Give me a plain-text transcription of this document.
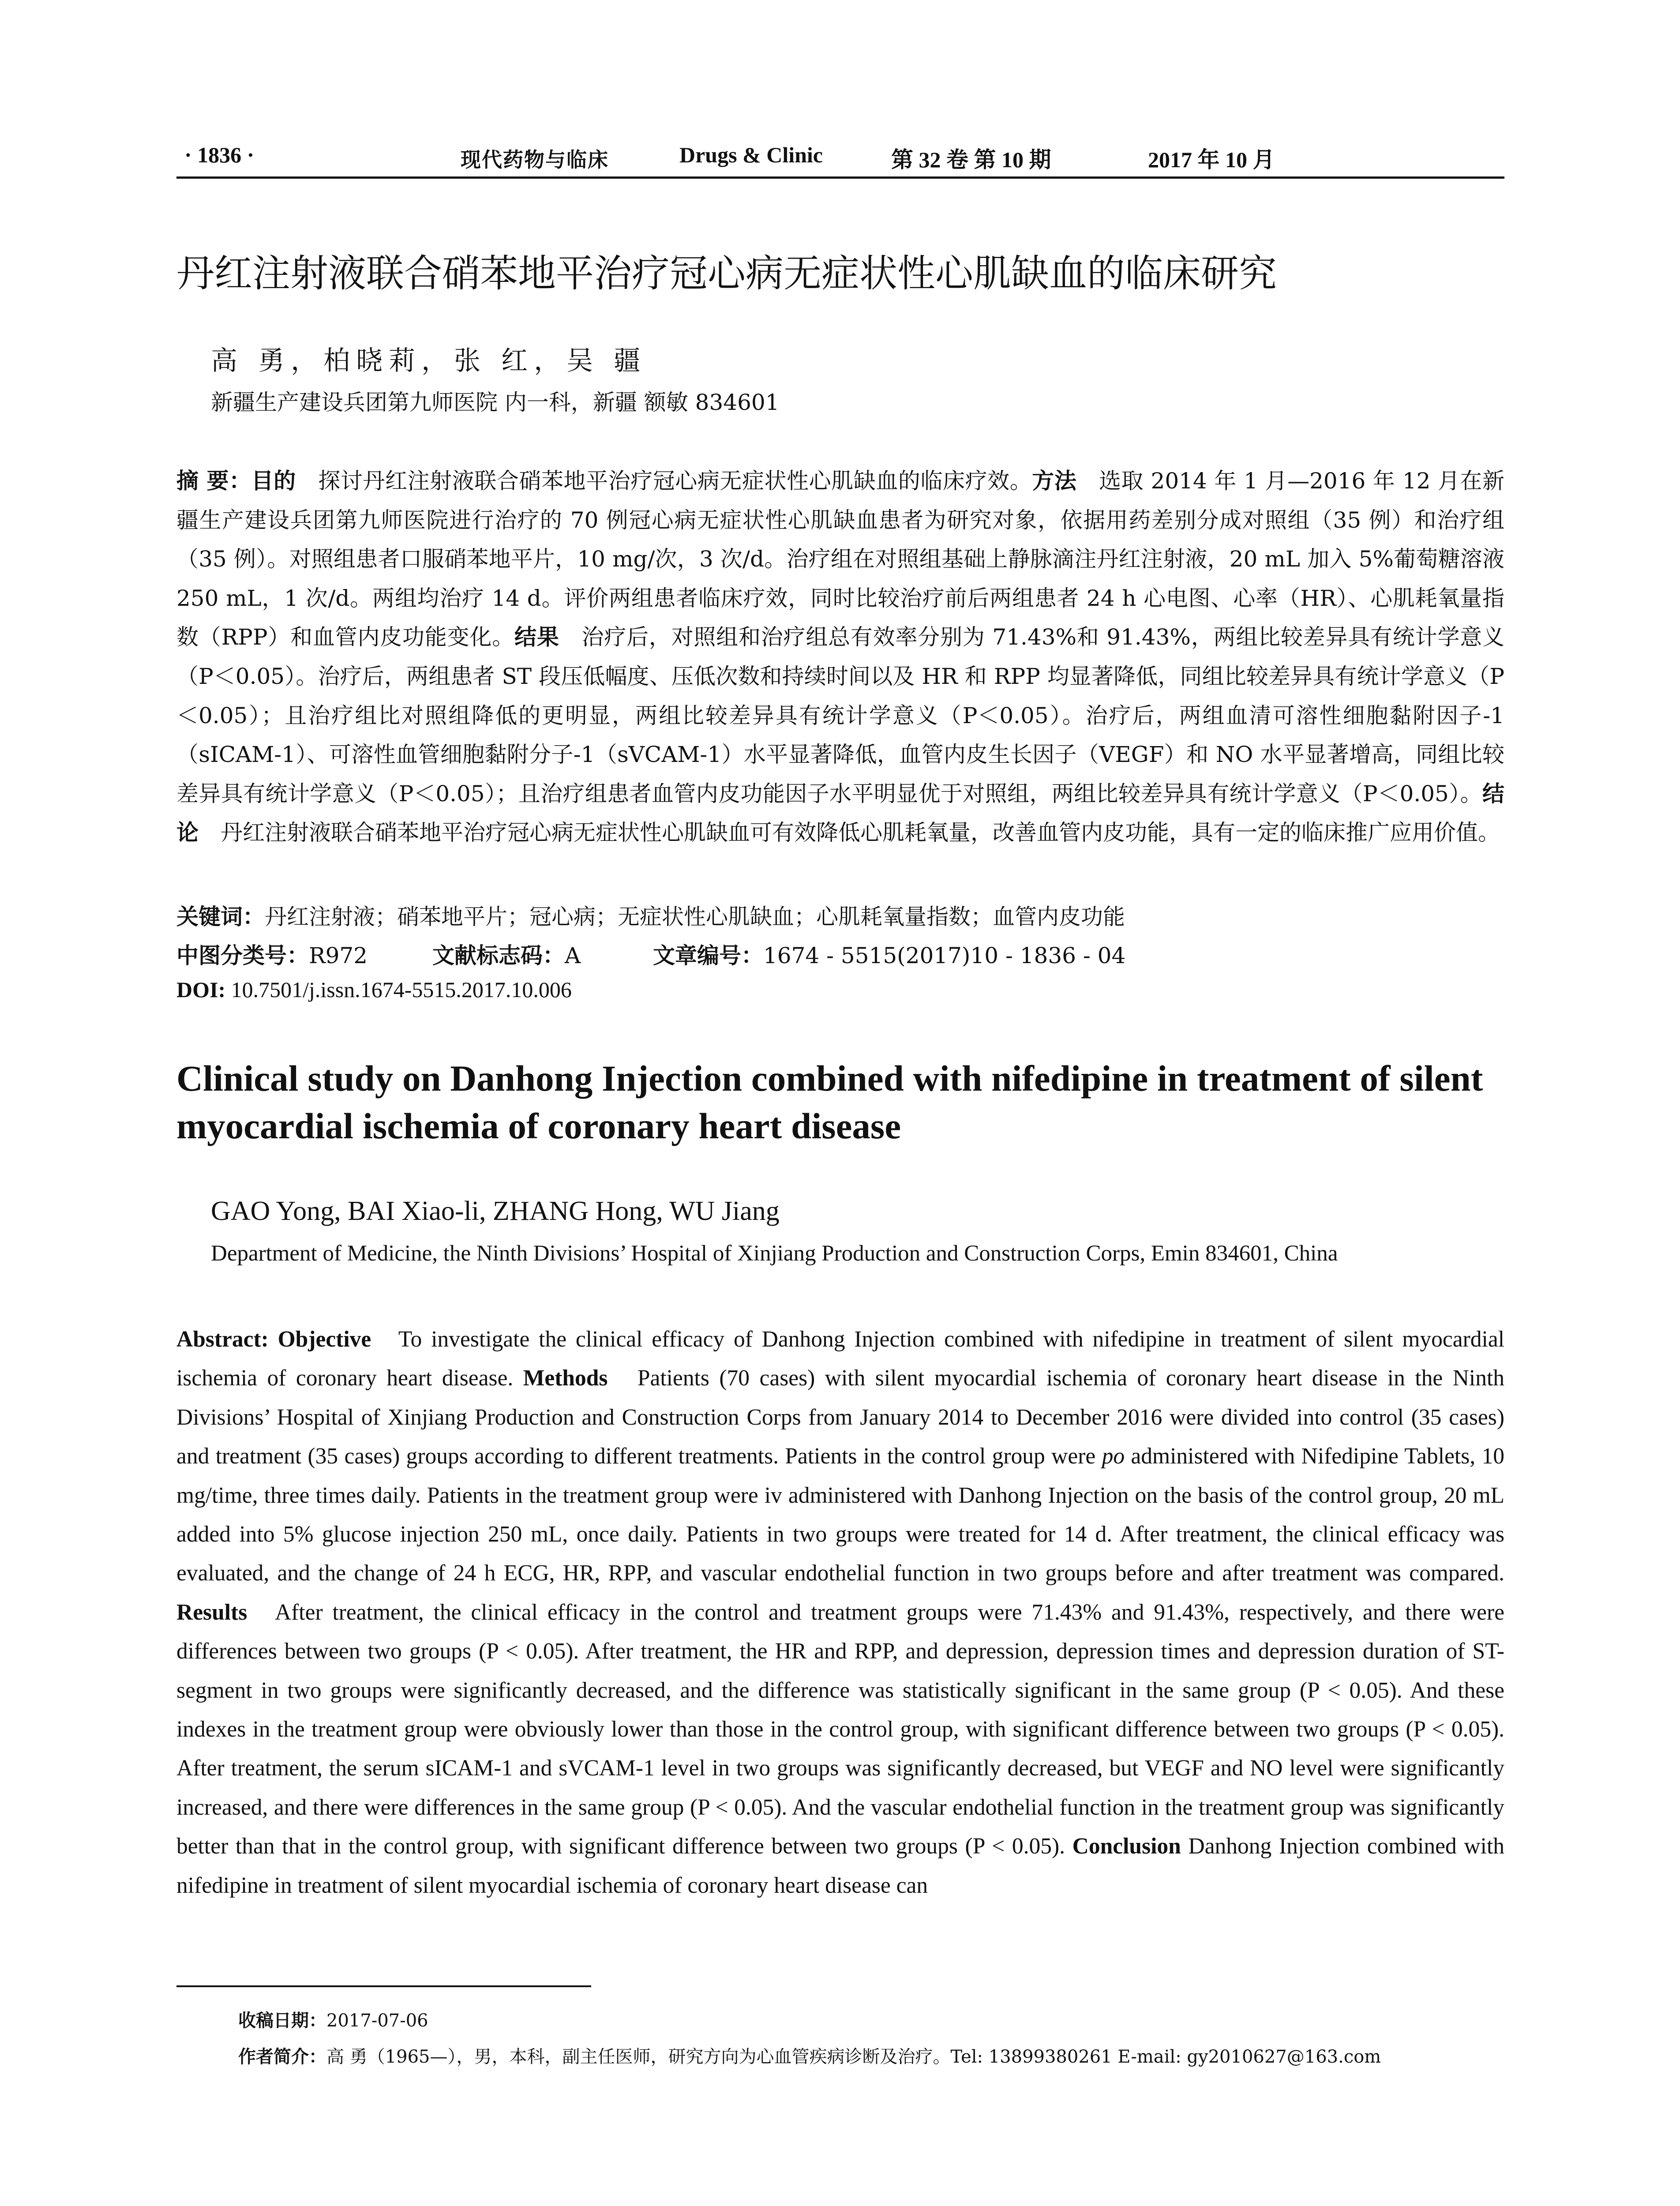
· 1836 ·	现代药物与临床	Drugs & Clinic	第 32 卷 第 10 期	2017 年 10 月
丹红注射液联合硝苯地平治疗冠心病无症状性心肌缺血的临床研究
高 勇，柏晓莉，张 红，吴 疆
新疆生产建设兵团第九师医院 内一科，新疆 额敏 834601
摘 要：目的　 探讨丹红注射液联合硝苯地平治疗冠心病无症状性心肌缺血的临床疗效。方法　 选取 2014 年 1 月—2016 年 12 月在新疆生产建设兵团第九师医院进行治疗的 70 例冠心病无症状性心肌缺血患者为研究对象，依据用药差别分成对照组（35 例）和治疗组（35 例）。对照组患者口服硝苯地平片，10 mg/次，3 次/d。治疗组在对照组基础上静脉滴注丹红注射液，20 mL 加入 5%葡萄糖溶液 250 mL，1 次/d。两组均治疗 14 d。评价两组患者临床疗效，同时比较治疗前后两组患者 24 h 心电图、心率（HR）、心肌耗氧量指数（RPP）和血管内皮功能变化。结果　 治疗后，对照组和治疗组总有效率分别为 71.43%和 91.43%，两组比较差异具有统计学意义（P＜0.05）。治疗后，两组患者 ST 段压低幅度、压低次数和持续时间以及 HR 和 RPP 均显著降低，同组比较差异具有统计学意义（P＜0.05）；且治疗组比对照组降低的更明显，两组比较差异具有统计学意义（P＜0.05）。治疗后，两组血清可溶性细胞黏附因子-1（sICAM-1）、可溶性血管细胞黏附分子-1（sVCAM-1）水平显著降低，血管内皮生长因子（VEGF）和 NO 水平显著增高，同组比较差异具有统计学意义（P＜0.05）；且治疗组患者血管内皮功能因子水平明显优于对照组，两组比较差异具有统计学意义（P＜0.05）。结论　 丹红注射液联合硝苯地平治疗冠心病无症状性心肌缺血可有效降低心肌耗氧量，改善血管内皮功能，具有一定的临床推广应用价值。
关键词：丹红注射液；硝苯地平片；冠心病；无症状性心肌缺血；心肌耗氧量指数；血管内皮功能
中图分类号：R972	文献标志码：A	文章编号：1674 - 5515(2017)10 - 1836 - 04
DOI: 10.7501/j.issn.1674-5515.2017.10.006
Clinical study on Danhong Injection combined with nifedipine in treatment of silent myocardial ischemia of coronary heart disease
GAO Yong, BAI Xiao-li, ZHANG Hong, WU Jiang
Department of Medicine, the Ninth Divisions’ Hospital of Xinjiang Production and Construction Corps, Emin 834601, China
Abstract: Objective To investigate the clinical efficacy of Danhong Injection combined with nifedipine in treatment of silent myocardial ischemia of coronary heart disease. Methods Patients (70 cases) with silent myocardial ischemia of coronary heart disease in the Ninth Divisions’ Hospital of Xinjiang Production and Construction Corps from January 2014 to December 2016 were divided into control (35 cases) and treatment (35 cases) groups according to different treatments. Patients in the control group were po administered with Nifedipine Tablets, 10 mg/time, three times daily. Patients in the treatment group were iv administered with Danhong Injection on the basis of the control group, 20 mL added into 5% glucose injection 250 mL, once daily. Patients in two groups were treated for 14 d. After treatment, the clinical efficacy was evaluated, and the change of 24 h ECG, HR, RPP, and vascular endothelial function in two groups before and after treatment was compared. Results After treatment, the clinical efficacy in the control and treatment groups were 71.43% and 91.43%, respectively, and there were differences between two groups (P < 0.05). After treatment, the HR and RPP, and depression, depression times and depression duration of ST-segment in two groups were significantly decreased, and the difference was statistically significant in the same group (P < 0.05). And these indexes in the treatment group were obviously lower than those in the control group, with significant difference between two groups (P < 0.05). After treatment, the serum sICAM-1 and sVCAM-1 level in two groups was significantly decreased, but VEGF and NO level were significantly increased, and there were differences in the same group (P < 0.05). And the vascular endothelial function in the treatment group was significantly better than that in the control group, with significant difference between two groups (P < 0.05). Conclusion Danhong Injection combined with nifedipine in treatment of silent myocardial ischemia of coronary heart disease can
收稿日期：2017-07-06
作者简介：高 勇（1965—），男，本科，副主任医师，研究方向为心血管疾病诊断及治疗。Tel: 13899380261 E-mail: gy2010627@163.com
